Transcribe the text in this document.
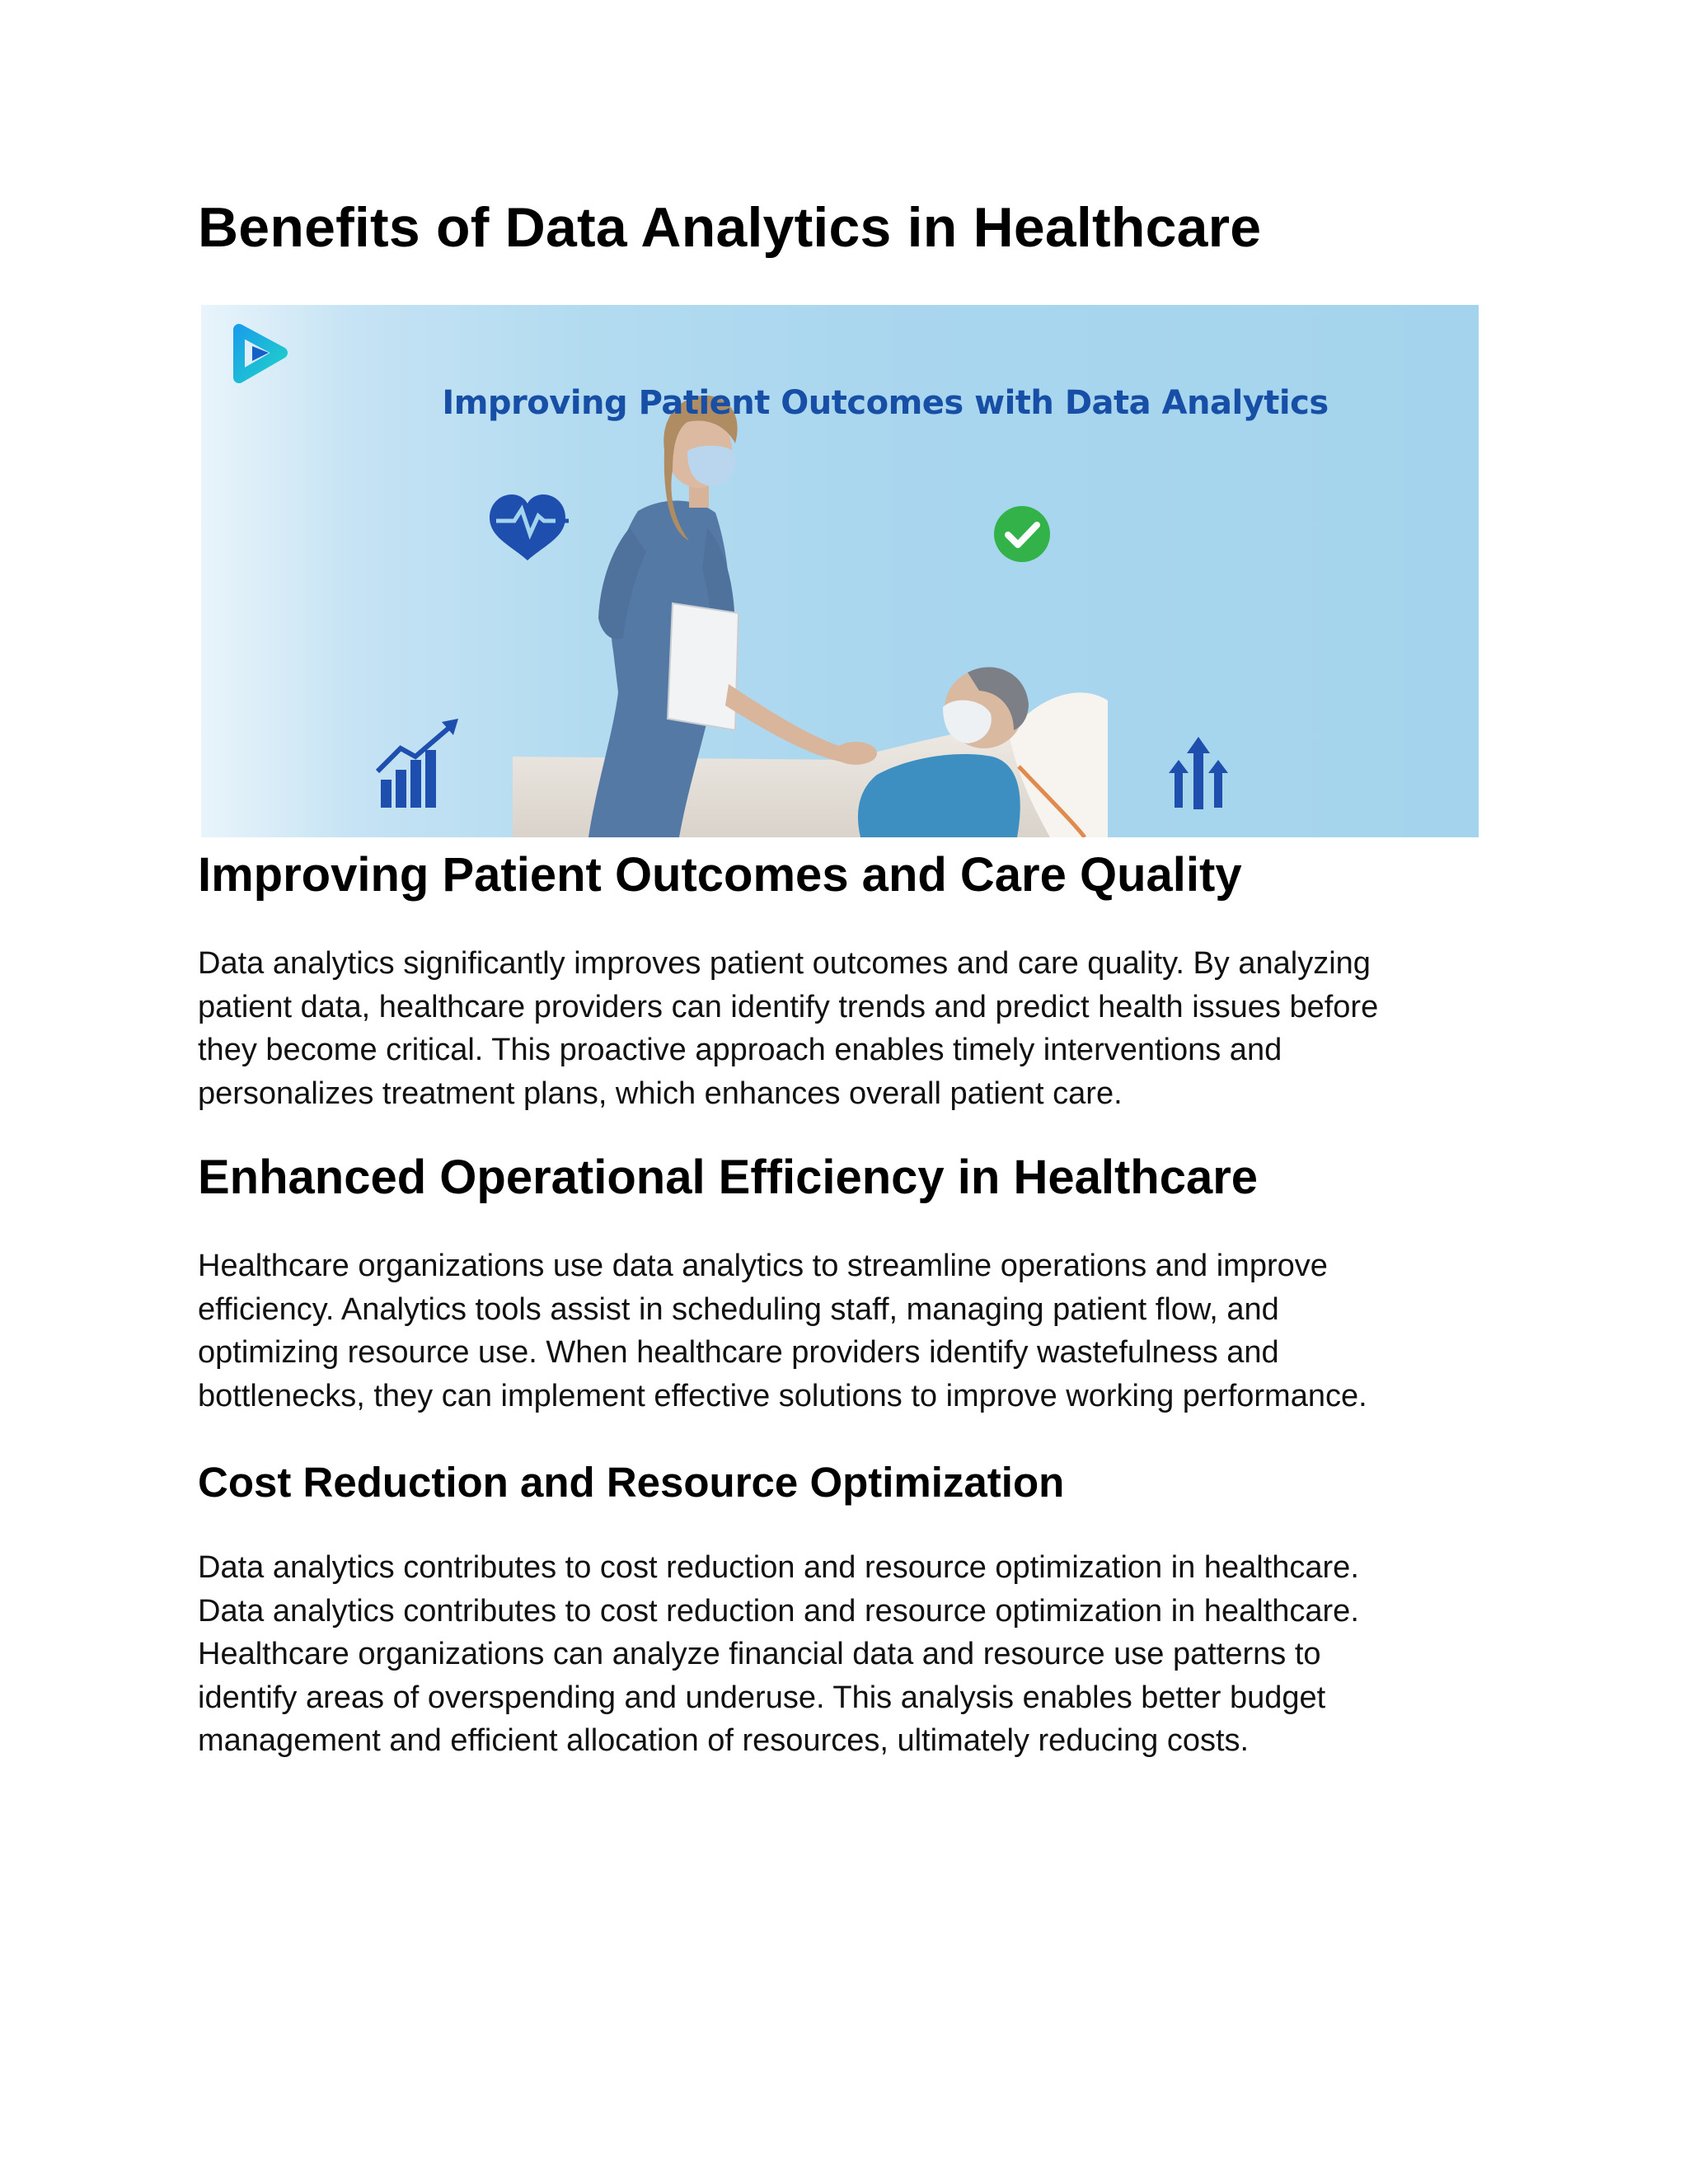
Benefits of Data Analytics in Healthcare
Improving Patient Outcomes with Data Analytics
Improving Patient Outcomes and Care Quality

Data analytics significantly improves patient outcomes and care quality. By analyzing
patient data, healthcare providers can identify trends and predict health issues before
they become critical. This proactive approach enables timely interventions and
personalizes treatment plans, which enhances overall patient care.

Enhanced Operational Efficiency in Healthcare

Healthcare organizations use data analytics to streamline operations and improve
efficiency. Analytics tools assist in scheduling staff, managing patient flow, and
optimizing resource use. When healthcare providers identify wastefulness and
bottlenecks, they can implement effective solutions to improve working performance.

Cost Reduction and Resource Optimization

Data analytics contributes to cost reduction and resource optimization in healthcare.
Data analytics contributes to cost reduction and resource optimization in healthcare.
Healthcare organizations can analyze financial data and resource use patterns to
identify areas of overspending and underuse. This analysis enables better budget
management and efficient allocation of resources, ultimately reducing costs.
